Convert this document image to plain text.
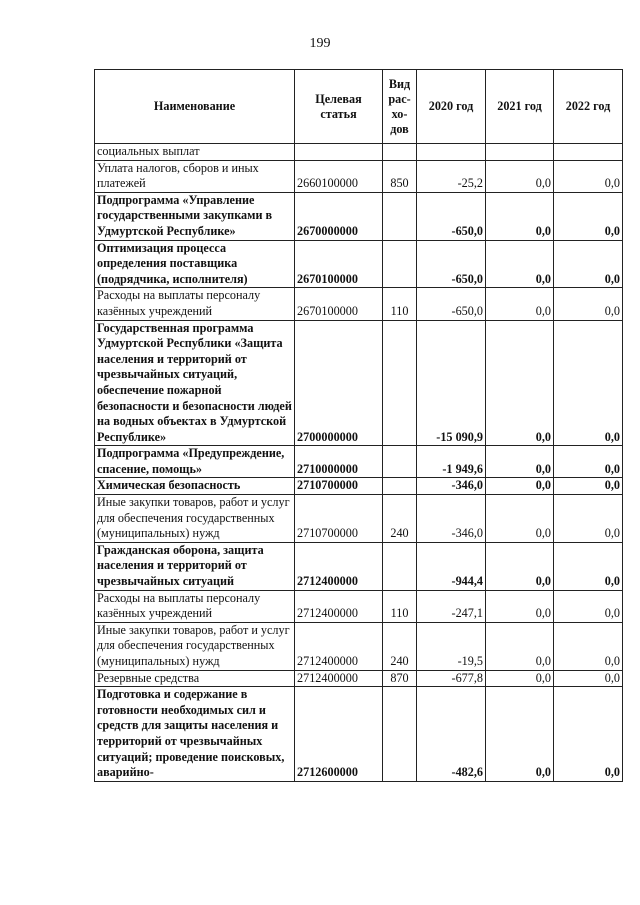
199
Наименование	Целевая статья	Вид рас-хо-дов	2020 год	2021 год	2022 год
социальных выплат					
Уплата налогов, сборов и иных платежей	2660100000	850	-25,2	0,0	0,0
Подпрограмма «Управление государственными закупками в Удмуртской Республике»	2670000000		-650,0	0,0	0,0
Оптимизация процесса определения поставщика (подрядчика, исполнителя)	2670100000		-650,0	0,0	0,0
Расходы на выплаты персоналу казённых учреждений	2670100000	110	-650,0	0,0	0,0
Государственная программа Удмуртской Республики «Защита населения и территорий от чрезвычайных ситуаций, обеспечение пожарной безопасности и безопасности людей на водных объектах в Удмуртской Республике»	2700000000		-15 090,9	0,0	0,0
Подпрограмма «Предупреждение, спасение, помощь»	2710000000		-1 949,6	0,0	0,0
Химическая безопасность	2710700000		-346,0	0,0	0,0
Иные закупки товаров, работ и услуг для обеспечения государственных (муниципальных) нужд	2710700000	240	-346,0	0,0	0,0
Гражданская оборона, защита населения и территорий от чрезвычайных ситуаций	2712400000		-944,4	0,0	0,0
Расходы на выплаты персоналу казённых учреждений	2712400000	110	-247,1	0,0	0,0
Иные закупки товаров, работ и услуг для обеспечения государственных (муниципальных) нужд	2712400000	240	-19,5	0,0	0,0
Резервные средства	2712400000	870	-677,8	0,0	0,0
Подготовка и содержание в готовности необходимых сил и средств для защиты населения и территорий от чрезвычайных ситуаций; проведение поисковых, аварийно-	2712600000		-482,6	0,0	0,0
